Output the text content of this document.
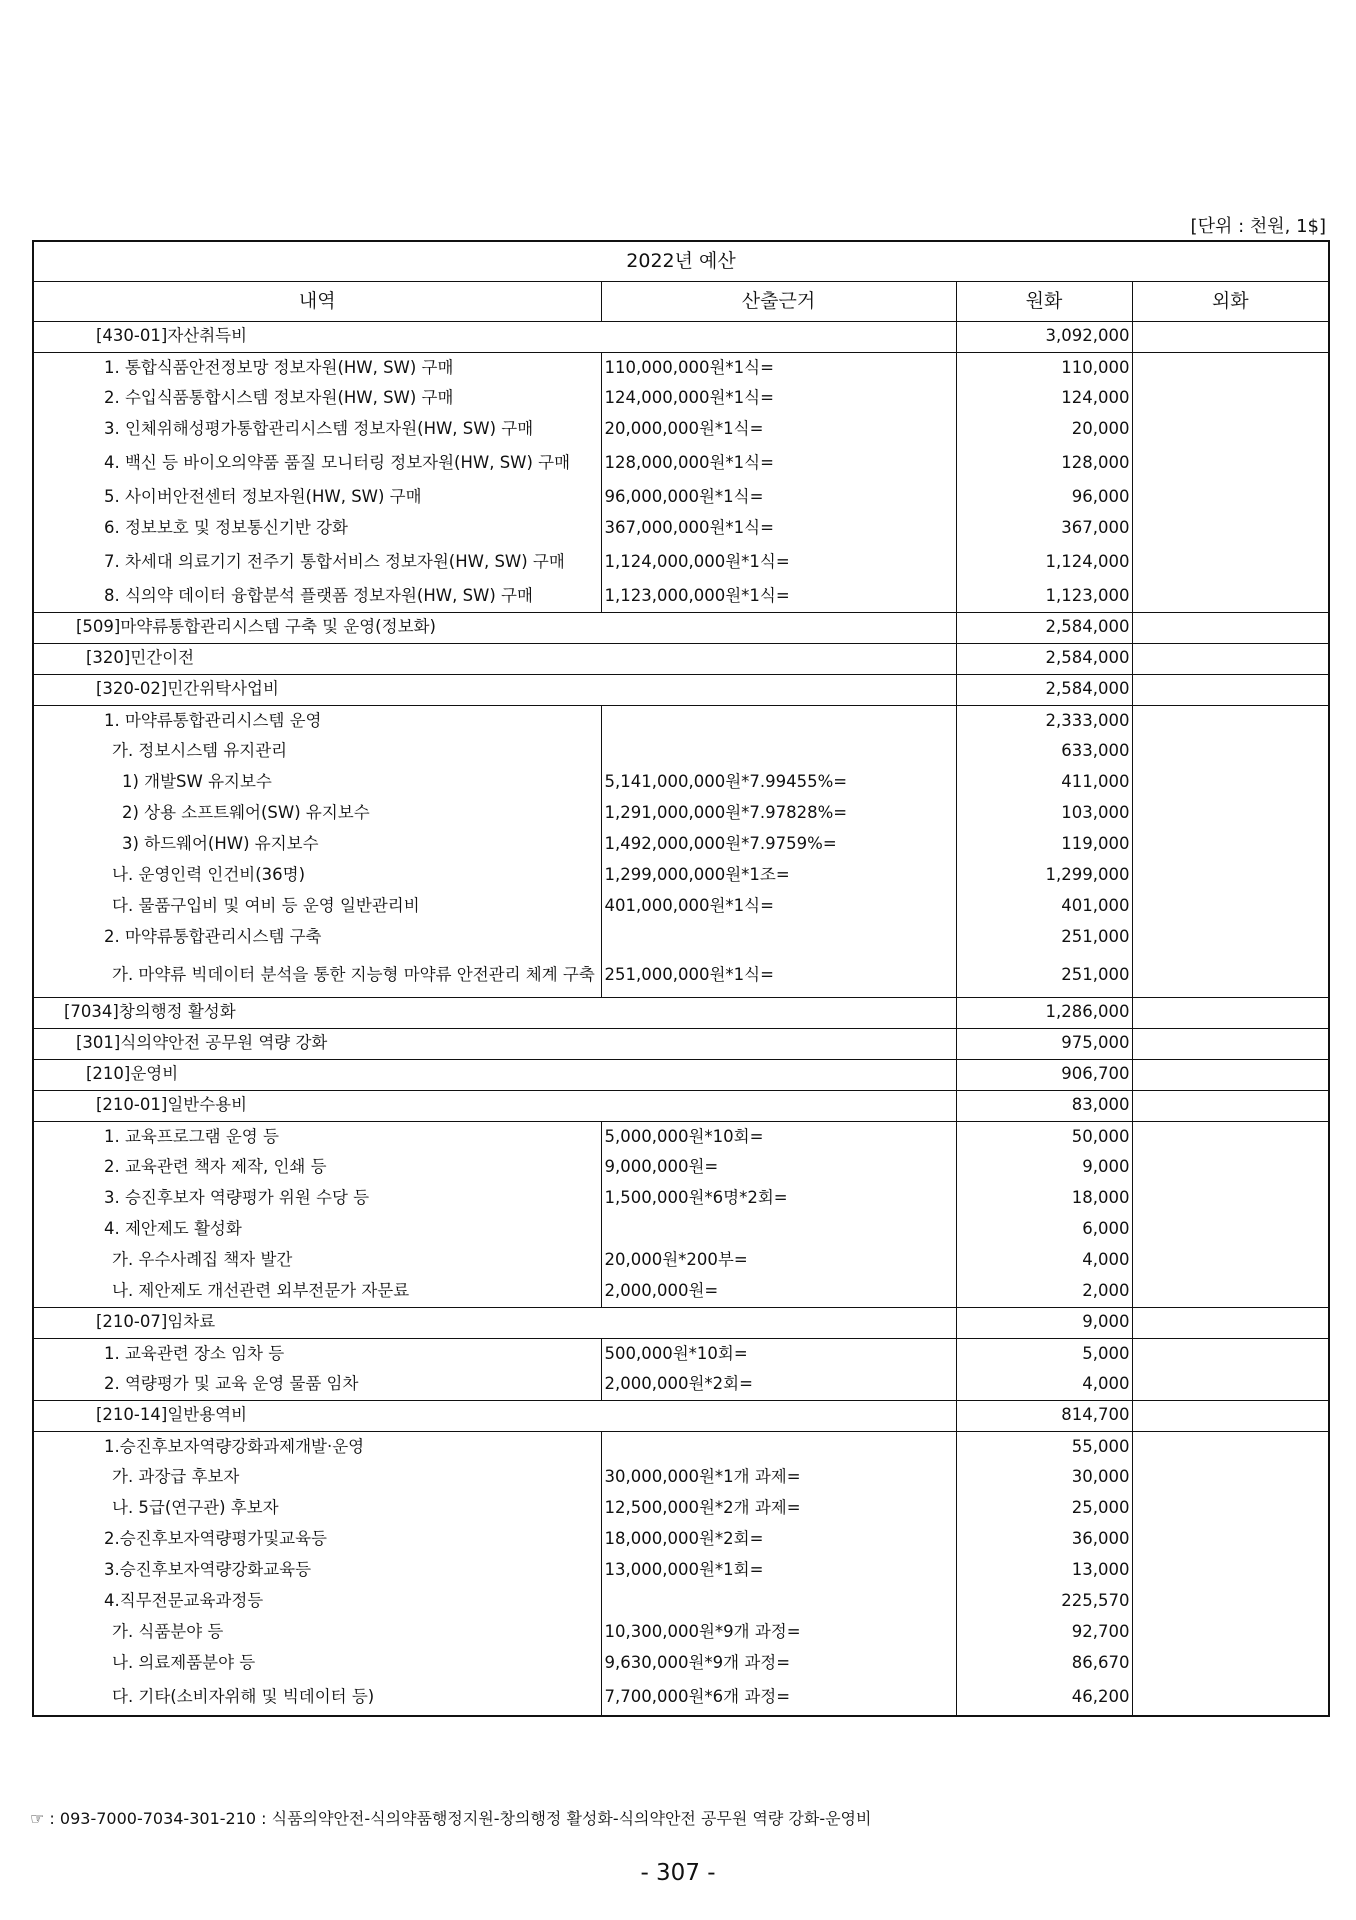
[단위 : 천원, 1$]
2022년 예산			
내역	산출근거	원화	외화
[430-01]자산취득비		3,092,000	
1. 통합식품안전정보망 정보자원(HW, SW) 구매	110,000,000원*1식=	110,000	
2. 수입식품통합시스템 정보자원(HW, SW) 구매	124,000,000원*1식=	124,000	
3. 인체위해성평가통합관리시스템 정보자원(HW, SW) 구매	20,000,000원*1식=	20,000	
4. 백신 등 바이오의약품 품질 모니터링 정보자원(HW, SW) 구매	128,000,000원*1식=	128,000	
5. 사이버안전센터 정보자원(HW, SW) 구매	96,000,000원*1식=	96,000	
6. 정보보호 및 정보통신기반 강화	367,000,000원*1식=	367,000	
7. 차세대 의료기기 전주기 통합서비스 정보자원(HW, SW) 구매	1,124,000,000원*1식=	1,124,000	
8. 식의약 데이터 융합분석 플랫폼 정보자원(HW, SW) 구매	1,123,000,000원*1식=	1,123,000	
[509]마약류통합관리시스템 구축 및 운영(정보화)		2,584,000	
[320]민간이전		2,584,000	
[320-02]민간위탁사업비		2,584,000	
1. 마약류통합관리시스템 운영		2,333,000	
가. 정보시스템 유지관리		633,000	
1) 개발SW 유지보수	5,141,000,000원*7.99455%=	411,000	
2) 상용 소프트웨어(SW) 유지보수	1,291,000,000원*7.97828%=	103,000	
3) 하드웨어(HW) 유지보수	1,492,000,000원*7.9759%=	119,000	
나. 운영인력 인건비(36명)	1,299,000,000원*1조=	1,299,000	
다. 물품구입비 및 여비 등 운영 일반관리비	401,000,000원*1식=	401,000	
2. 마약류통합관리시스템 구축		251,000	
가. 마약류 빅데이터 분석을 통한 지능형 마약류 안전관리 체계 구축	251,000,000원*1식=	251,000	
[7034]창의행정 활성화		1,286,000	
[301]식의약안전 공무원 역량 강화		975,000	
[210]운영비		906,700	
[210-01]일반수용비		83,000	
1. 교육프로그램 운영 등	5,000,000원*10회=	50,000	
2. 교육관련 책자 제작, 인쇄 등	9,000,000원=	9,000	
3. 승진후보자 역량평가 위원 수당 등	1,500,000원*6명*2회=	18,000	
4. 제안제도 활성화		6,000	
가. 우수사례집 책자 발간	20,000원*200부=	4,000	
나. 제안제도 개선관련 외부전문가 자문료	2,000,000원=	2,000	
[210-07]임차료		9,000	
1. 교육관련 장소 임차 등	500,000원*10회=	5,000	
2. 역량평가 및 교육 운영 물품 임차	2,000,000원*2회=	4,000	
[210-14]일반용역비		814,700	
1.승진후보자역량강화과제개발·운영		55,000	
가. 과장급 후보자	30,000,000원*1개 과제=	30,000	
나. 5급(연구관) 후보자	12,500,000원*2개 과제=	25,000	
2.승진후보자역량평가및교육등	18,000,000원*2회=	36,000	
3.승진후보자역량강화교육등	13,000,000원*1회=	13,000	
4.직무전문교육과정등		225,570	
가. 식품분야 등	10,300,000원*9개 과정=	92,700	
나. 의료제품분야 등	9,630,000원*9개 과정=	86,670	
다. 기타(소비자위해 및 빅데이터 등)	7,700,000원*6개 과정=	46,200	
☞ : 093-7000-7034-301-210 : 식품의약안전-식의약품행정지원-창의행정 활성화-식의약안전 공무원 역량 강화-운영비
- 307 -
